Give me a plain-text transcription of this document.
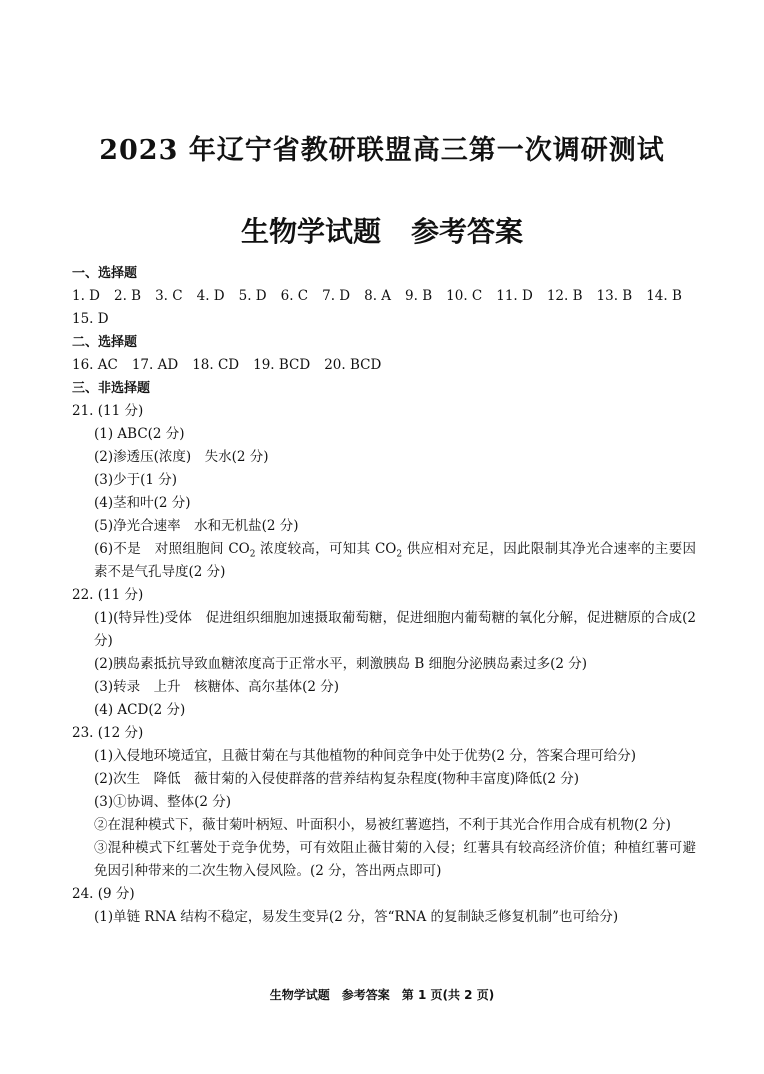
2023 年辽宁省教研联盟高三第一次调研测试
生物学试题 参考答案
一、选择题
1. D 2. B 3. C 4. D 5. D 6. C 7. D 8. A 9. B 10. C 11. D 12. B 13. B 14. B
15. D
二、选择题
16. AC 17. AD 18. CD 19. BCD 20. BCD
三、非选择题
21. (11 分)
(1) ABC(2 分)
(2)渗透压(浓度)　失水(2 分)
(3)少于(1 分)
(4)茎和叶(2 分)
(5)净光合速率　水和无机盐(2 分)
(6)不是　对照组胞间 $CO_2$ 浓度较高，可知其 $CO_2$ 供应相对充足，因此限制其净光合速率的主要因素不是气孔导度(2 分)
22. (11 分)
(1)(特异性)受体　促进组织细胞加速摄取葡萄糖，促进细胞内葡萄糖的氧化分解，促进糖原的合成(2 分)
(2)胰岛素抵抗导致血糖浓度高于正常水平，刺激胰岛 B 细胞分泌胰岛素过多(2 分)
(3)转录　上升　核糖体、高尔基体(2 分)
(4) ACD(2 分)
23. (12 分)
(1)入侵地环境适宜，且薇甘菊在与其他植物的种间竞争中处于优势(2 分，答案合理可给分)
(2)次生　降低　薇甘菊的入侵使群落的营养结构复杂程度(物种丰富度)降低(2 分)
(3)①协调、整体(2 分)
②在混种模式下，薇甘菊叶柄短、叶面积小，易被红薯遮挡，不利于其光合作用合成有机物(2 分)
③混种模式下红薯处于竞争优势，可有效阻止薇甘菊的入侵；红薯具有较高经济价值；种植红薯可避免因引种带来的二次生物入侵风险。(2 分，答出两点即可)
24. (9 分)
(1)单链 RNA 结构不稳定，易发生变异(2 分，答“RNA 的复制缺乏修复机制”也可给分)
生物学试题　参考答案　第 1 页(共 2 页)
